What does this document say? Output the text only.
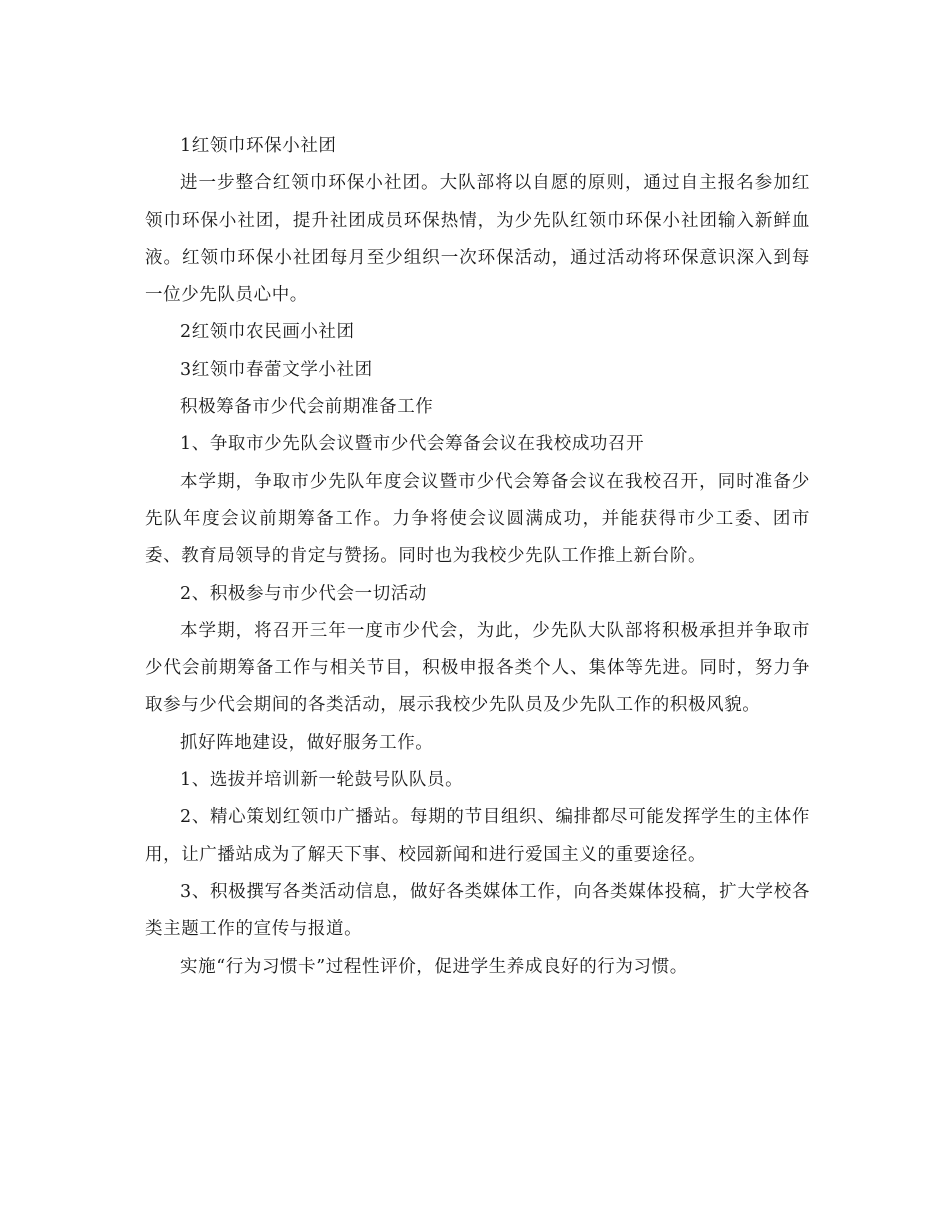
1红领巾环保小社团

进一步整合红领巾环保小社团。大队部将以自愿的原则，通过自主报名参加红领巾环保小社团，提升社团成员环保热情，为少先队红领巾环保小社团输入新鲜血液。红领巾环保小社团每月至少组织一次环保活动，通过活动将环保意识深入到每一位少先队员心中。

2红领巾农民画小社团

3红领巾春蕾文学小社团

积极筹备市少代会前期准备工作

1、争取市少先队会议暨市少代会筹备会议在我校成功召开

本学期，争取市少先队年度会议暨市少代会筹备会议在我校召开，同时准备少先队年度会议前期筹备工作。力争将使会议圆满成功，并能获得市少工委、团市委、教育局领导的肯定与赞扬。同时也为我校少先队工作推上新台阶。

2、积极参与市少代会一切活动

本学期，将召开三年一度市少代会，为此，少先队大队部将积极承担并争取市少代会前期筹备工作与相关节目，积极申报各类个人、集体等先进。同时，努力争取参与少代会期间的各类活动，展示我校少先队员及少先队工作的积极风貌。

抓好阵地建设，做好服务工作。

1、选拔并培训新一轮鼓号队队员。

2、精心策划红领巾广播站。每期的节目组织、编排都尽可能发挥学生的主体作用，让广播站成为了解天下事、校园新闻和进行爱国主义的重要途径。

3、积极撰写各类活动信息，做好各类媒体工作，向各类媒体投稿，扩大学校各类主题工作的宣传与报道。

实施“行为习惯卡”过程性评价，促进学生养成良好的行为习惯。
